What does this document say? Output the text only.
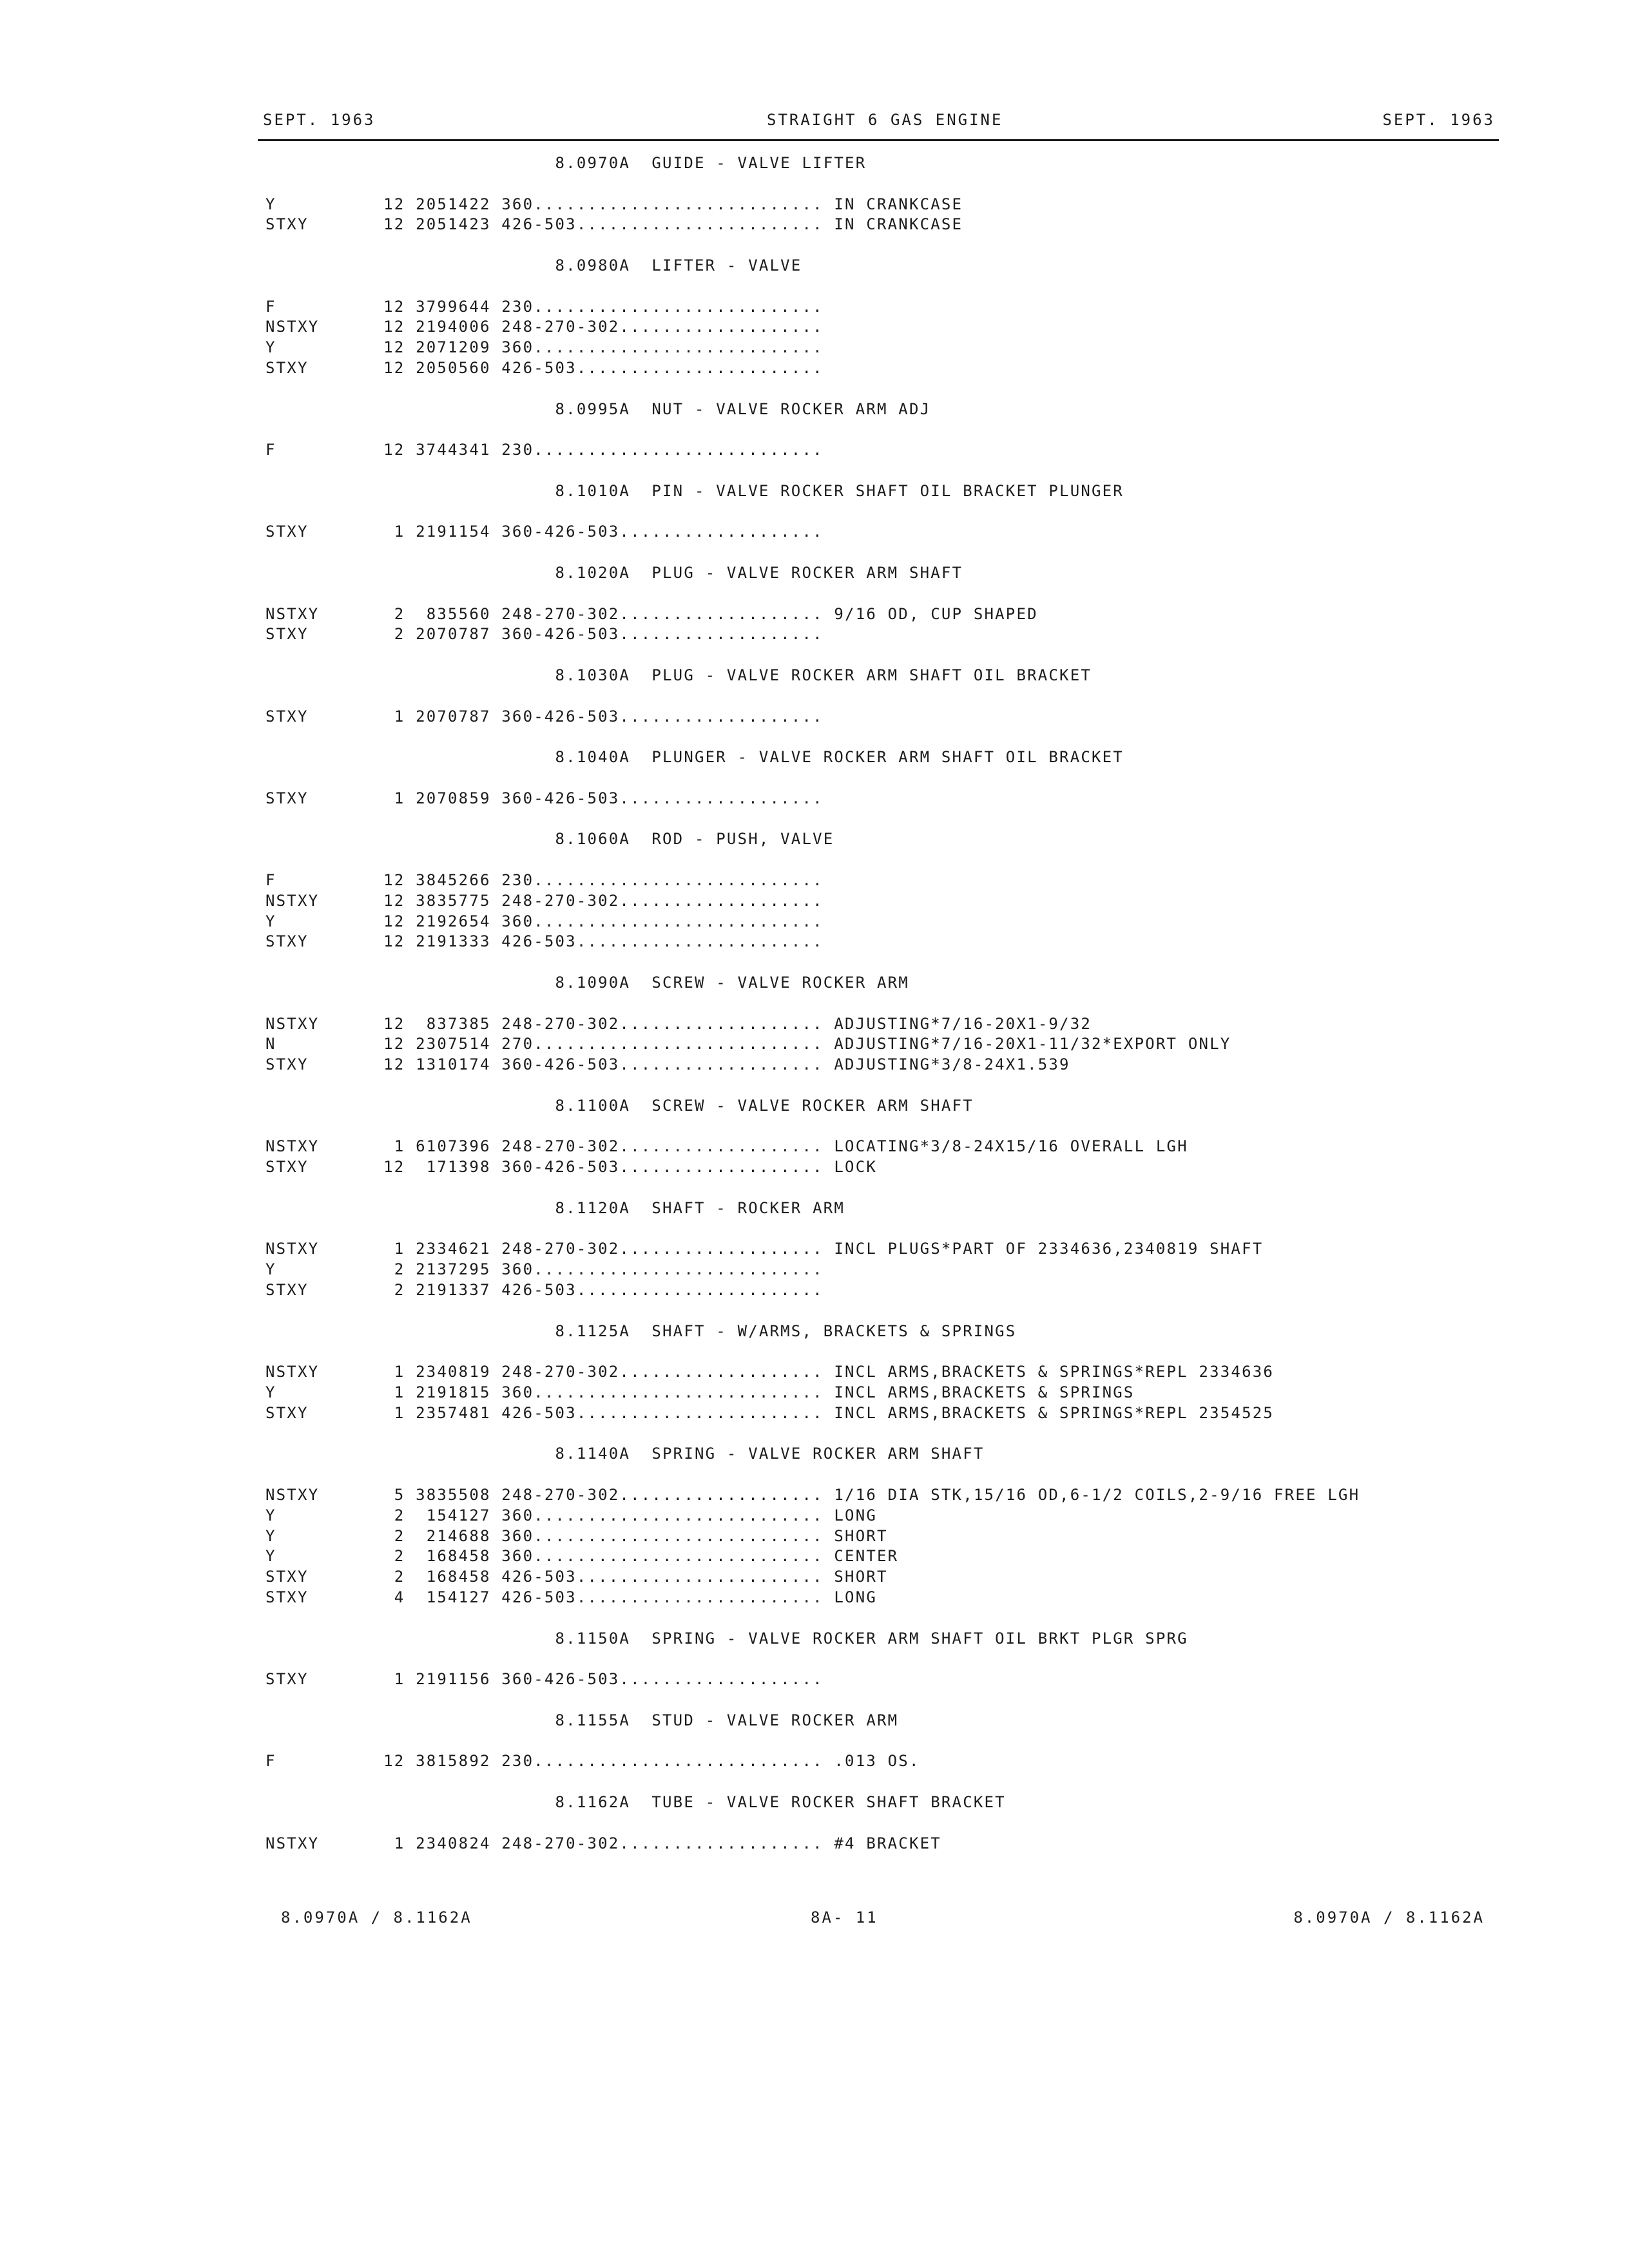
SEPT. 1963	STRAIGHT 6 GAS ENGINE	SEPT. 1963
8.0970A  GUIDE - VALVE LIFTER
Y          12 2051422 360........................... IN CRANKCASE
STXY       12 2051423 426-503....................... IN CRANKCASE
8.0980A  LIFTER - VALVE
F          12 3799644 230...........................
NSTXY      12 2194006 248-270-302...................
Y          12 2071209 360...........................
STXY       12 2050560 426-503.......................
8.0995A  NUT - VALVE ROCKER ARM ADJ
F          12 3744341 230...........................
8.1010A  PIN - VALVE ROCKER SHAFT OIL BRACKET PLUNGER
STXY        1 2191154 360-426-503...................
8.1020A  PLUG - VALVE ROCKER ARM SHAFT
NSTXY       2  835560 248-270-302................... 9/16 OD, CUP SHAPED
STXY        2 2070787 360-426-503...................
8.1030A  PLUG - VALVE ROCKER ARM SHAFT OIL BRACKET
STXY        1 2070787 360-426-503...................
8.1040A  PLUNGER - VALVE ROCKER ARM SHAFT OIL BRACKET
STXY        1 2070859 360-426-503...................
8.1060A  ROD - PUSH, VALVE
F          12 3845266 230...........................
NSTXY      12 3835775 248-270-302...................
Y          12 2192654 360...........................
STXY       12 2191333 426-503.......................
8.1090A  SCREW - VALVE ROCKER ARM
NSTXY      12  837385 248-270-302................... ADJUSTING*7/16-20X1-9/32
N          12 2307514 270........................... ADJUSTING*7/16-20X1-11/32*EXPORT ONLY
STXY       12 1310174 360-426-503................... ADJUSTING*3/8-24X1.539
8.1100A  SCREW - VALVE ROCKER ARM SHAFT
NSTXY       1 6107396 248-270-302................... LOCATING*3/8-24X15/16 OVERALL LGH
STXY       12  171398 360-426-503................... LOCK
8.1120A  SHAFT - ROCKER ARM
NSTXY       1 2334621 248-270-302................... INCL PLUGS*PART OF 2334636,2340819 SHAFT
Y           2 2137295 360...........................
STXY        2 2191337 426-503.......................
8.1125A  SHAFT - W/ARMS, BRACKETS & SPRINGS
NSTXY       1 2340819 248-270-302................... INCL ARMS,BRACKETS & SPRINGS*REPL 2334636
Y           1 2191815 360........................... INCL ARMS,BRACKETS & SPRINGS
STXY        1 2357481 426-503....................... INCL ARMS,BRACKETS & SPRINGS*REPL 2354525
8.1140A  SPRING - VALVE ROCKER ARM SHAFT
NSTXY       5 3835508 248-270-302................... 1/16 DIA STK,15/16 OD,6-1/2 COILS,2-9/16 FREE LGH
Y           2  154127 360........................... LONG
Y           2  214688 360........................... SHORT
Y           2  168458 360........................... CENTER
STXY        2  168458 426-503....................... SHORT
STXY        4  154127 426-503....................... LONG
8.1150A  SPRING - VALVE ROCKER ARM SHAFT OIL BRKT PLGR SPRG
STXY        1 2191156 360-426-503...................
8.1155A  STUD - VALVE ROCKER ARM
F          12 3815892 230........................... .013 OS.
8.1162A  TUBE - VALVE ROCKER SHAFT BRACKET
NSTXY       1 2340824 248-270-302................... #4 BRACKET
8.0970A / 8.1162A	8A- 11	8.0970A / 8.1162A
